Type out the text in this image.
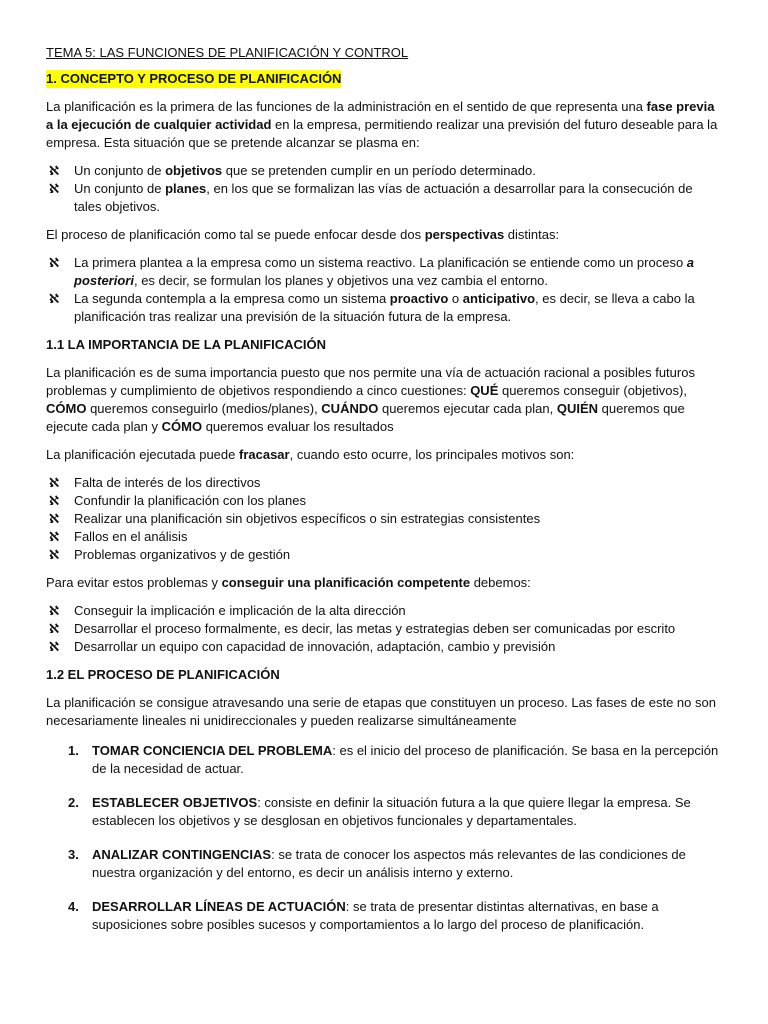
TEMA 5: LAS FUNCIONES DE PLANIFICACIÓN Y CONTROL
1. CONCEPTO Y PROCESO DE PLANIFICACIÓN

La planificación es la primera de las funciones de la administración en el sentido de que representa una fase previa a la ejecución de cualquier actividad en la empresa, permitiendo realizar una previsión del futuro deseable para la empresa. Esta situación que se pretende alcanzar se plasma en:

ℵ Un conjunto de objetivos que se pretenden cumplir en un período determinado.
ℵ Un conjunto de planes, en los que se formalizan las vías de actuación a desarrollar para la consecución de tales objetivos.

El proceso de planificación como tal se puede enfocar desde dos perspectivas distintas:

ℵ La primera plantea a la empresa como un sistema reactivo. La planificación se entiende como un proceso a posteriori, es decir, se formulan los planes y objetivos una vez cambia el entorno.
ℵ La segunda contempla a la empresa como un sistema proactivo o anticipativo, es decir, se lleva a cabo la planificación tras realizar una previsión de la situación futura de la empresa.
1.1 LA IMPORTANCIA DE LA PLANIFICACIÓN

La planificación es de suma importancia puesto que nos permite una vía de actuación racional a posibles futuros problemas y cumplimiento de objetivos respondiendo a cinco cuestiones: QUÉ queremos conseguir (objetivos), CÓMO queremos conseguirlo (medios/planes), CUÁNDO queremos ejecutar cada plan, QUIÉN queremos que ejecute cada plan y CÓMO queremos evaluar los resultados

La planificación ejecutada puede fracasar, cuando esto ocurre, los principales motivos son:

ℵ Falta de interés de los directivos
ℵ Confundir la planificación con los planes
ℵ Realizar una planificación sin objetivos específicos o sin estrategias consistentes
ℵ Fallos en el análisis
ℵ Problemas organizativos y de gestión

Para evitar estos problemas y conseguir una planificación competente debemos:

ℵ Conseguir la implicación e implicación de la alta dirección
ℵ Desarrollar el proceso formalmente, es decir, las metas y estrategias deben ser comunicadas por escrito
ℵ Desarrollar un equipo con capacidad de innovación, adaptación, cambio y previsión
1.2 EL PROCESO DE PLANIFICACIÓN

La planificación se consigue atravesando una serie de etapas que constituyen un proceso. Las fases de este no son necesariamente lineales ni unidireccionales y pueden realizarse simultáneamente

1. TOMAR CONCIENCIA DEL PROBLEMA: es el inicio del proceso de planificación. Se basa en la percepción de la necesidad de actuar.
2. ESTABLECER OBJETIVOS: consiste en definir la situación futura a la que quiere llegar la empresa. Se establecen los objetivos y se desglosan en objetivos funcionales y departamentales.
3. ANALIZAR CONTINGENCIAS: se trata de conocer los aspectos más relevantes de las condiciones de nuestra organización y del entorno, es decir un análisis interno y externo.
4. DESARROLLAR LÍNEAS DE ACTUACIÓN: se trata de presentar distintas alternativas, en base a suposiciones sobre posibles sucesos y comportamientos a lo largo del proceso de planificación.
